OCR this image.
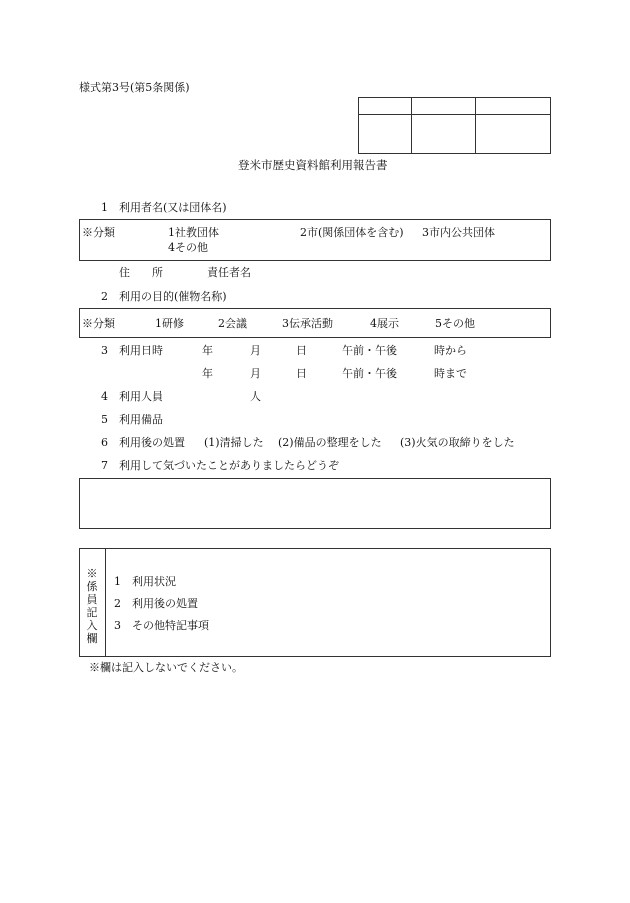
様式第3号(第5条関係)

登米市歴史資料館利用報告書
1 利用者名(又は団体名)
※分類	1社教団体	2市(関係団体を含む) 3市内公共団体
4その他
住　　所	責任者名
2 利用の目的(催物名称)
※分類	1研修	2会議	3伝承活動	4展示	5その他
3 利用日時	年	月	日	午前・午後	時から
年	月	日	午前・午後	時まで
4 利用人員	人
5 利用備品
6 利用後の処置 (1)清掃した (2)備品の整理をした (3)火気の取締りをした
7 利用して気づいたことがありましたらどうぞ
※係員記入欄
1 利用状況
2 利用後の処置
3 その他特記事項
※欄は記入しないでください。
